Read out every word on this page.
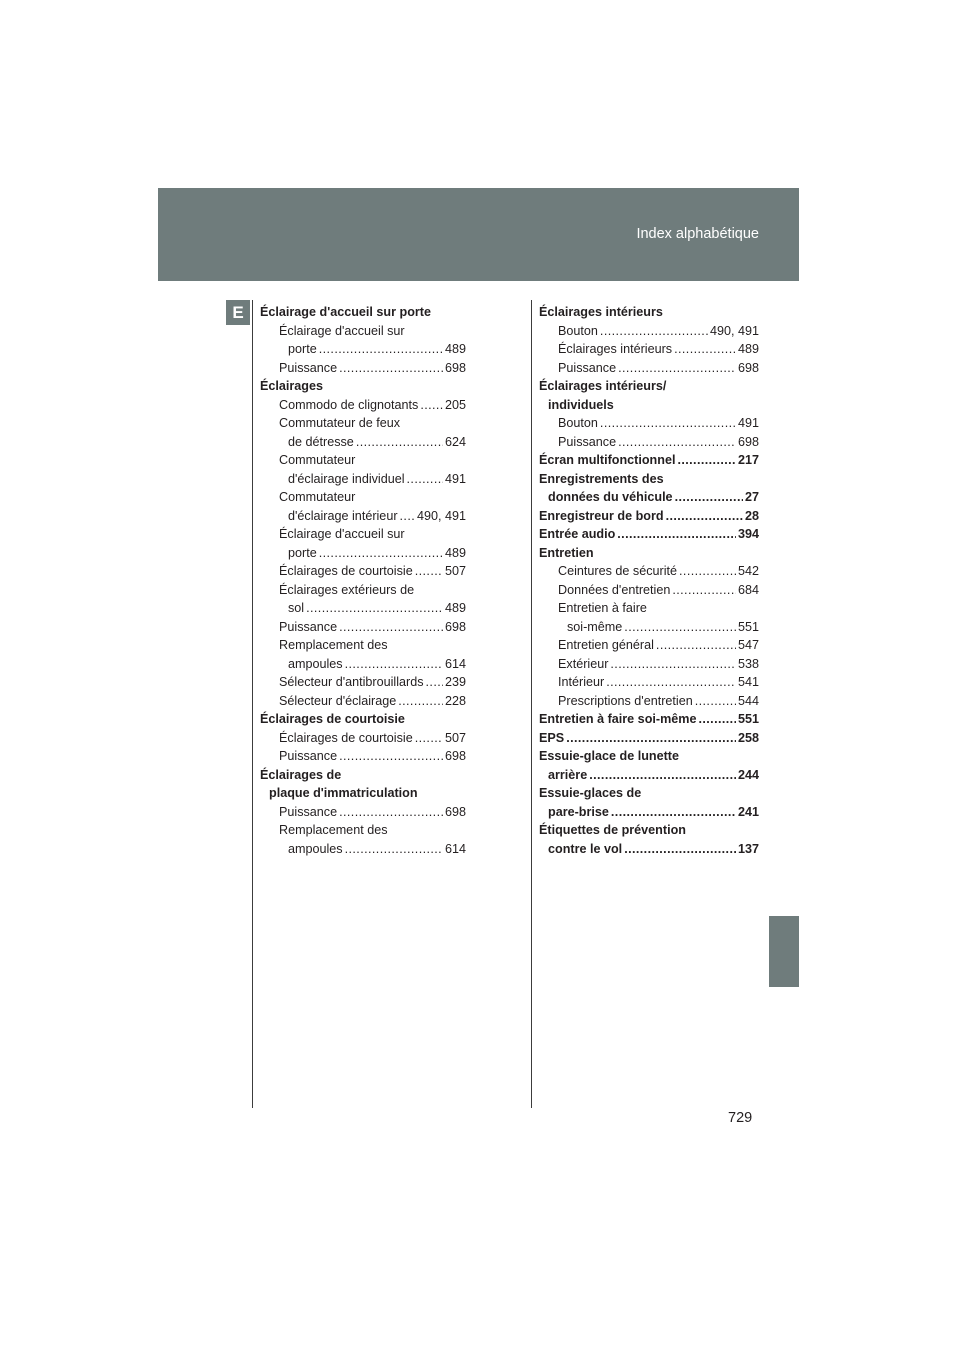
Index alphabétique
E	Éclairage d'accueil sur porte
Éclairage d'accueil sur
porte .....	489
Puissance .....	698
Éclairages
Commodo de clignotants ..... 205
Commutateur de feux
de détresse .....	624
Commutateur
d'éclairage individuel .....	491
Commutateur
d'éclairage intérieur ..... 490, 491
Éclairage d'accueil sur
porte .....	489
Éclairages de courtoisie .....	507
Éclairages extérieurs de
sol .....	489
Puissance .....	698
Remplacement des
ampoules .....	614
Sélecteur d'antibrouillards ..... 239
Sélecteur d'éclairage .....	228
Éclairages de courtoisie
Éclairages de courtoisie .....	507
Puissance .....	698
Éclairages de
plaque d'immatriculation
Puissance .....	698
Remplacement des
ampoules .....	614
Éclairages intérieurs
Bouton .....	490, 491
Éclairages intérieurs .....	489
Puissance .....	698
Éclairages intérieurs/
individuels
Bouton .....	491
Puissance .....	698
Écran multifonctionnel .....	217
Enregistrements des
données du véhicule .....	27
Enregistreur de bord .....	28
Entrée audio .....	394
Entretien
Ceintures de sécurité .....	542
Données d'entretien .....	684
Entretien à faire
soi-même .....	551
Entretien général .....	547
Extérieur .....	538
Intérieur .....	541
Prescriptions d'entretien .....	544
Entretien à faire soi-même .....	551
EPS .....	258
Essuie-glace de lunette
arrière .....	244
Essuie-glaces de
pare-brise .....	241
Étiquettes de prévention
contre le vol .....	137
729
